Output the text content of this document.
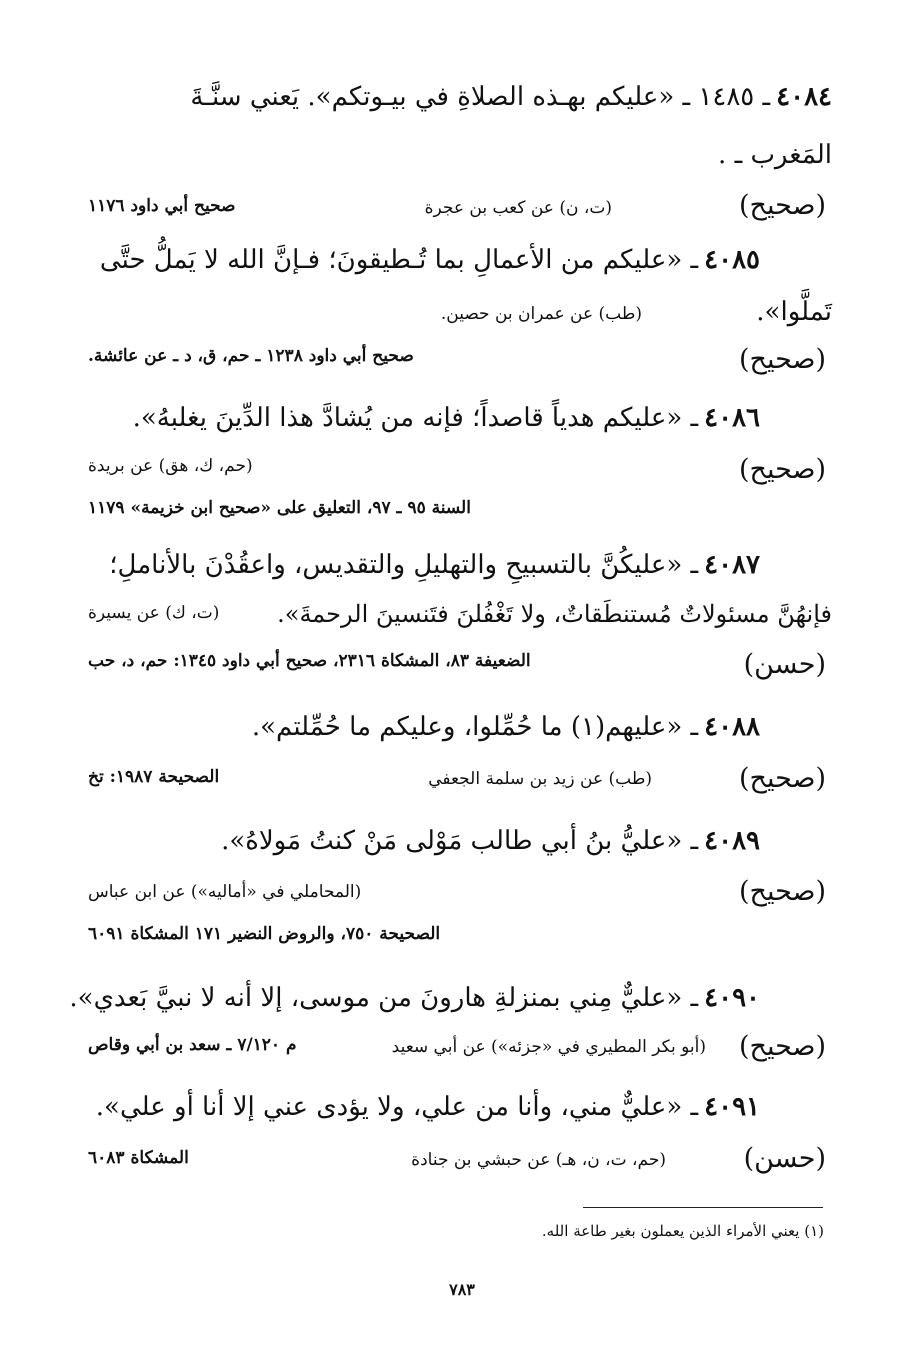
٤٠٨٤ـ ١٤٨٥ ـ «عليكم بهـذه الصلاةِ في بيـوتكم». يَعني سنَّـةَ
المَغرب ـ .
(صحيح)
(ت، ن) عن كعب بن عجرة
صحيح أبي داود ١١٧٦
٤٠٨٥ـ «عليكم من الأعمالِ بما تُـطيقونَ؛ فـإنَّ الله لا يَملُّ حتَّى
تَملَّوا».
(طب) عن عمران بن حصين.
(صحيح)
صحيح أبي داود ١٢٣٨ ـ حم، ق، د ـ عن عائشة.
٤٠٨٦ـ «عليكم هدياً قاصداً؛ فإنه من يُشادَّ هذا الدِّينَ يغلبهُ».
(صحيح)
(حم، ك، هق) عن بريدة
السنة ٩٥ ـ ٩٧، التعليق على «صحيح ابن خزيمة» ١١٧٩
٤٠٨٧ـ «عليكُنَّ بالتسبيحِ والتهليلِ والتقديس، واعقُدْنَ بالأناملِ؛
فإنهُنَّ مسئولاتٌ مُستنطَقاتٌ، ولا تَغْفُلنَ فتَنسينَ الرحمةَ».
(ت، ك) عن يسيرة
(حسن)
الضعيفة ٨٣، المشكاة ٢٣١٦، صحيح أبي داود ١٣٤٥: حم، د، حب
٤٠٨٨ـ «عليهم(١) ما حُمِّلوا، وعليكم ما حُمِّلتم».
(صحيح)
(طب) عن زيد بن سلمة الجعفي
الصحيحة ١٩٨٧: تخ
٤٠٨٩ـ «عليُّ بنُ أبي طالب مَوْلى مَنْ كنتُ مَولاهُ».
(صحيح)
(المحاملي في «أماليه») عن ابن عباس
الصحيحة ٧٥٠، والروض النضير ١٧١ المشكاة ٦٠٩١
٤٠٩٠ـ «عليٌّ مِني بمنزلةِ هارونَ من موسى، إلا أنه لا نبيَّ بَعدي».
(صحيح)
(أبو بكر المطيري في «جزئه») عن أبي سعيد
م ٧/١٢٠ ـ سعد بن أبي وقاص
٤٠٩١ـ «عليٌّ مني، وأنا من علي، ولا يؤدى عني إلا أنا أو علي».
(حسن)
(حم، ت، ن، هـ) عن حبشي بن جنادة
المشكاة ٦٠٨٣
(١) يعني الأمراء الذين يعملون بغير طاعة الله.
٧٨٣
